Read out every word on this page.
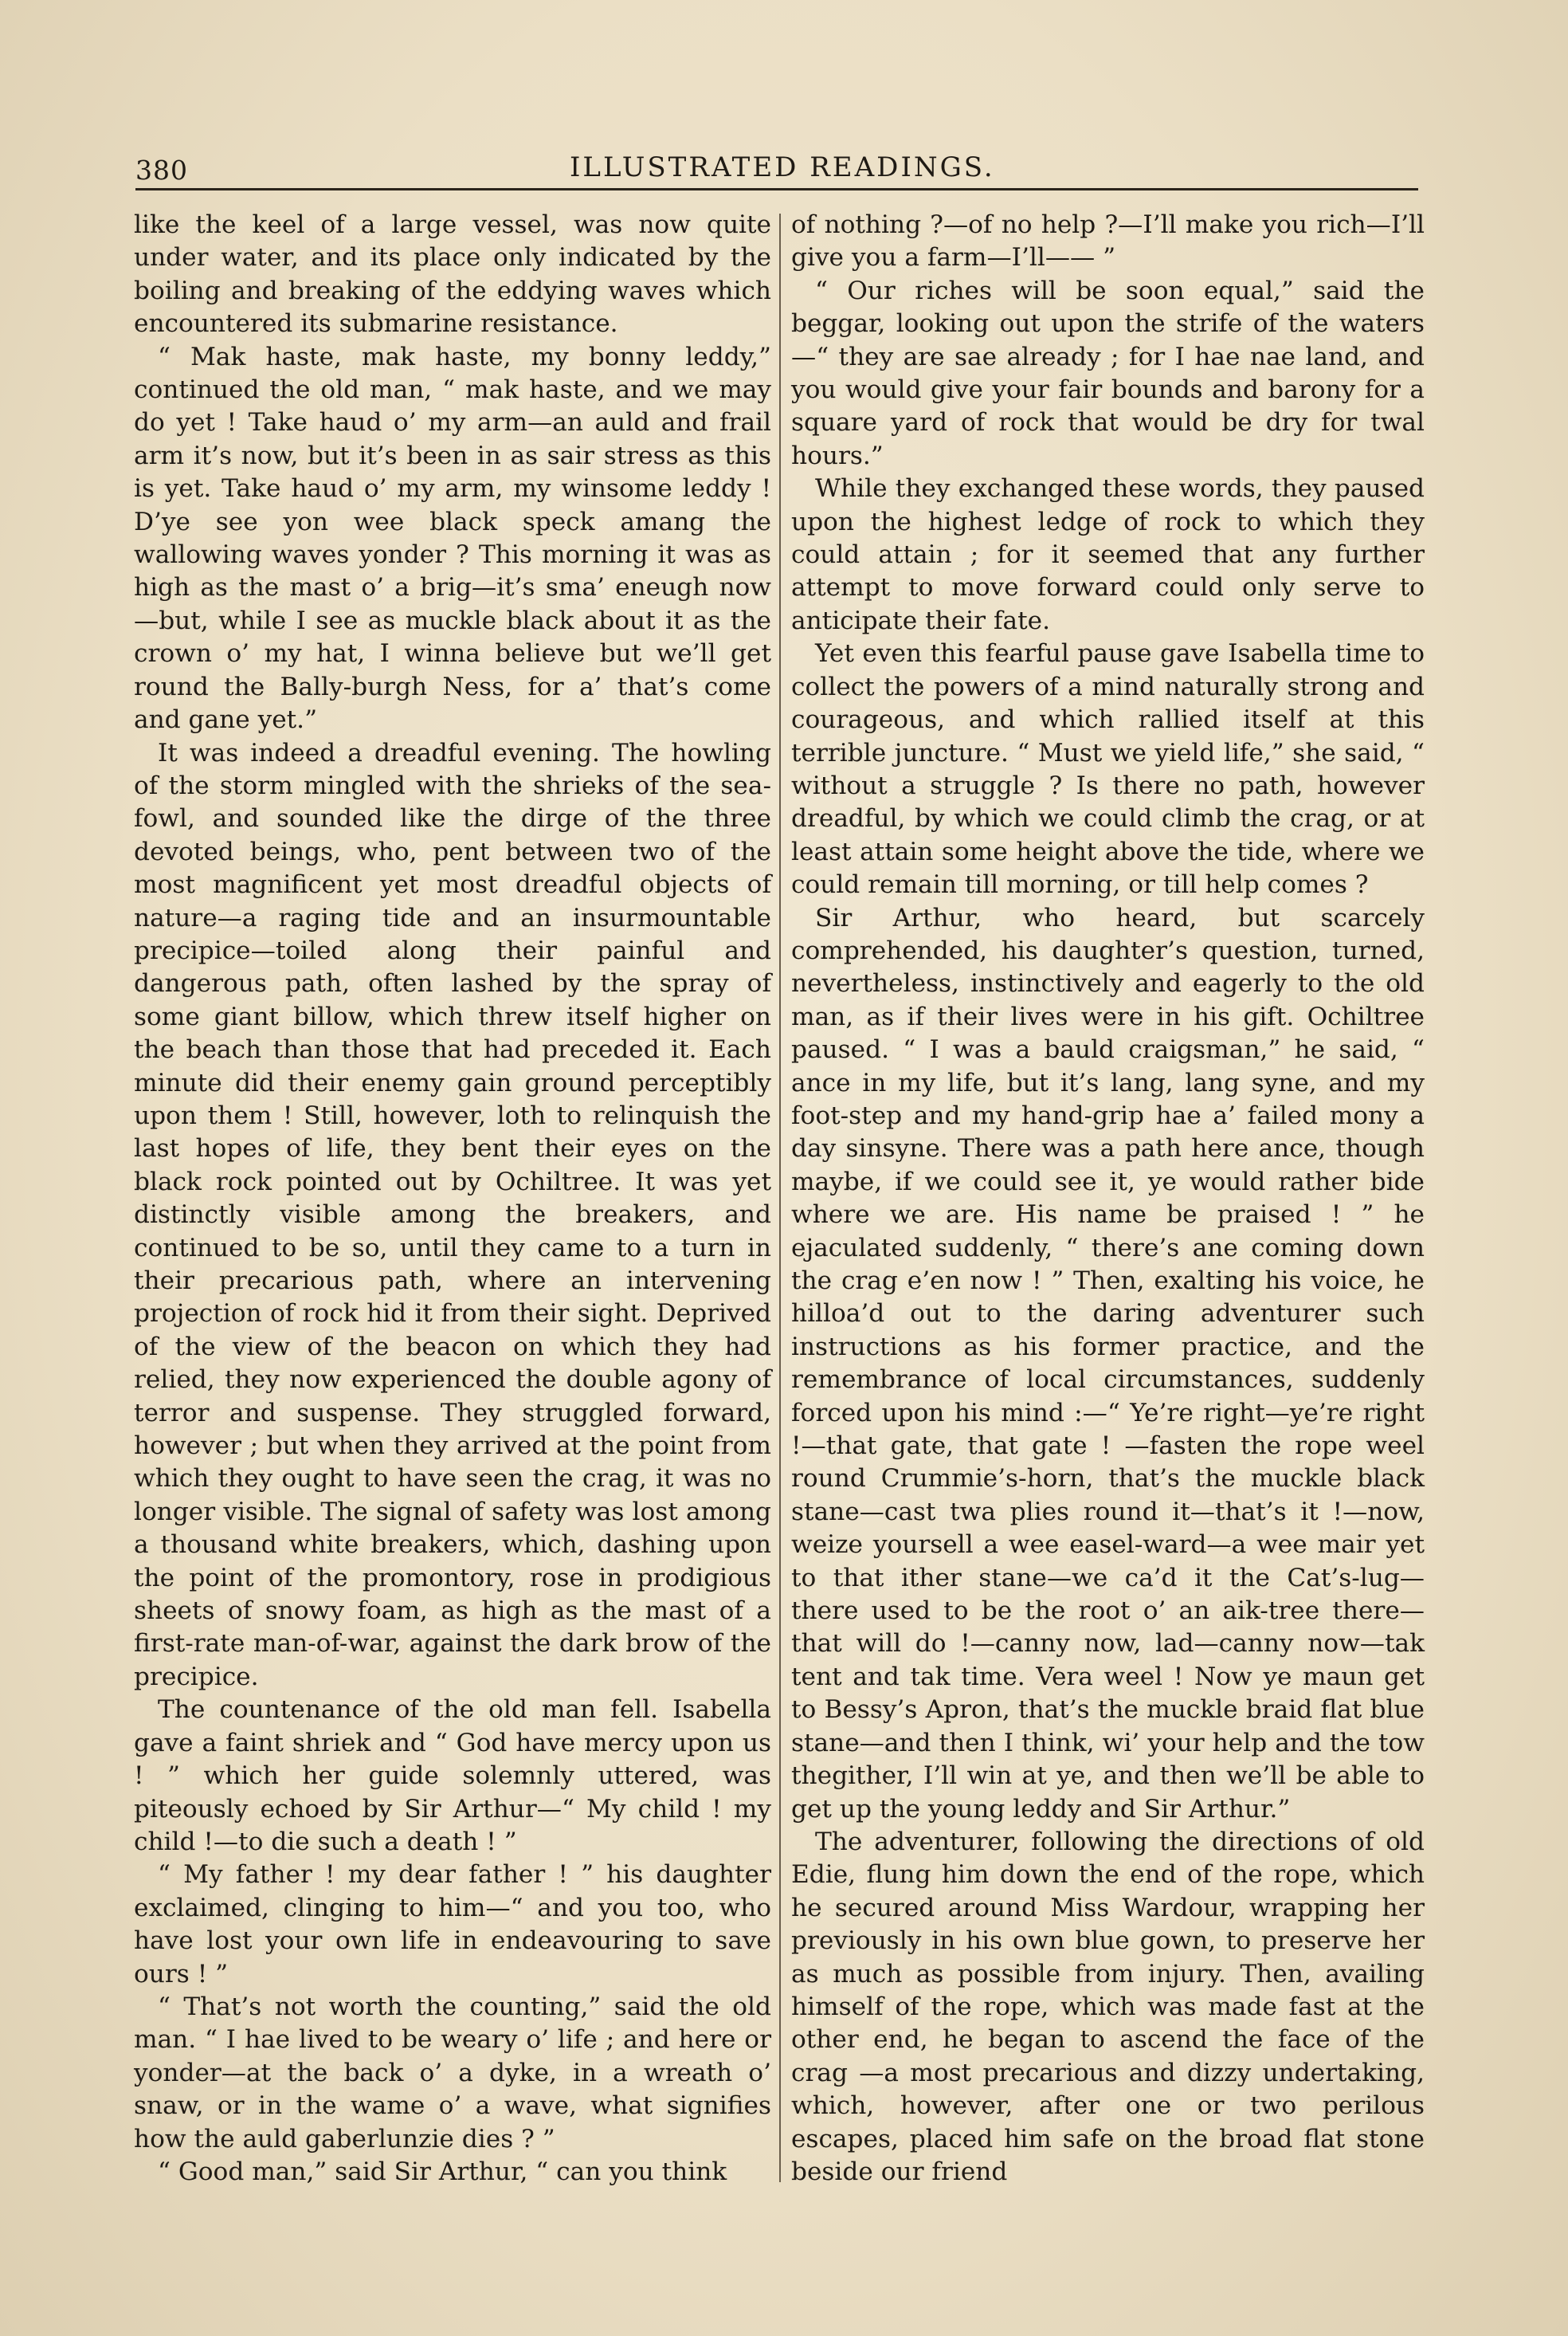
380	ILLUSTRATED READINGS.

like the keel of a large vessel, was now quite under water, and its place only indicated by the boiling and breaking of the eddying waves which encountered its submarine resistance.

“ Mak haste, mak haste, my bonny leddy,” continued the old man, “ mak haste, and we may do yet ! Take haud o’ my arm—an auld and frail arm it’s now, but it’s been in as sair stress as this is yet. Take haud o’ my arm, my winsome leddy ! D’ye see yon wee black speck amang the wallowing waves yonder ? This morning it was as high as the mast o’ a brig—it’s sma’ eneugh now—but, while I see as muckle black about it as the crown o’ my hat, I winna believe but we’ll get round the Bally-burgh Ness, for a’ that’s come and gane yet.”

It was indeed a dreadful evening. The howling of the storm mingled with the shrieks of the sea-fowl, and sounded like the dirge of the three devoted beings, who, pent between two of the most magnificent yet most dreadful objects of nature—a raging tide and an insurmountable precipice—toiled along their painful and dangerous path, often lashed by the spray of some giant billow, which threw itself higher on the beach than those that had preceded it. Each minute did their enemy gain ground perceptibly upon them ! Still, however, loth to relinquish the last hopes of life, they bent their eyes on the black rock pointed out by Ochiltree. It was yet distinctly visible among the breakers, and continued to be so, until they came to a turn in their precarious path, where an intervening projection of rock hid it from their sight. Deprived of the view of the beacon on which they had relied, they now experienced the double agony of terror and suspense. They struggled forward, however ; but when they arrived at the point from which they ought to have seen the crag, it was no longer visible. The signal of safety was lost among a thousand white breakers, which, dashing upon the point of the promontory, rose in prodigious sheets of snowy foam, as high as the mast of a first-rate man-of-war, against the dark brow of the precipice.

The countenance of the old man fell. Isabella gave a faint shriek and “ God have mercy upon us ! ” which her guide solemnly uttered, was piteously echoed by Sir Arthur—“ My child ! my child !—to die such a death ! ”

“ My father ! my dear father ! ” his daughter exclaimed, clinging to him—“ and you too, who have lost your own life in endeavouring to save ours ! ”

“ That’s not worth the counting,” said the old man. “ I hae lived to be weary o’ life ; and here or yonder—at the back o’ a dyke, in a wreath o’ snaw, or in the wame o’ a wave, what signifies how the auld gaberlunzie dies ? ”

“ Good man,” said Sir Arthur, “ can you think

of nothing ?—of no help ?—I’ll make you rich—I’ll give you a farm—I’ll—— ”

“ Our riches will be soon equal,” said the beggar, looking out upon the strife of the waters—“ they are sae already ; for I hae nae land, and you would give your fair bounds and barony for a square yard of rock that would be dry for twal hours.”

While they exchanged these words, they paused upon the highest ledge of rock to which they could attain ; for it seemed that any further attempt to move forward could only serve to anticipate their fate.

Yet even this fearful pause gave Isabella time to collect the powers of a mind naturally strong and courageous, and which rallied itself at this terrible juncture. “ Must we yield life,” she said, “ without a struggle ? Is there no path, however dreadful, by which we could climb the crag, or at least attain some height above the tide, where we could remain till morning, or till help comes ?

Sir Arthur, who heard, but scarcely comprehended, his daughter’s question, turned, nevertheless, instinctively and eagerly to the old man, as if their lives were in his gift. Ochiltree paused. “ I was a bauld craigsman,” he said, “ ance in my life, but it’s lang, lang syne, and my foot-step and my hand-grip hae a’ failed mony a day sinsyne. There was a path here ance, though maybe, if we could see it, ye would rather bide where we are. His name be praised ! ” he ejaculated suddenly, “ there’s ane coming down the crag e’en now ! ” Then, exalting his voice, he hilloa’d out to the daring adventurer such instructions as his former practice, and the remembrance of local circumstances, suddenly forced upon his mind :—“ Ye’re right—ye’re right !—that gate, that gate ! —fasten the rope weel round Crummie’s-horn, that’s the muckle black stane—cast twa plies round it—that’s it !—now, weize yoursell a wee easel-ward—a wee mair yet to that ither stane—we ca’d it the Cat’s-lug—there used to be the root o’ an aik-tree there—that will do !—canny now, lad—canny now—tak tent and tak time. Vera weel ! Now ye maun get to Bessy’s Apron, that’s the muckle braid flat blue stane—and then I think, wi’ your help and the tow thegither, I’ll win at ye, and then we’ll be able to get up the young leddy and Sir Arthur.”

The adventurer, following the directions of old Edie, flung him down the end of the rope, which he secured around Miss Wardour, wrapping her previously in his own blue gown, to preserve her as much as possible from injury. Then, availing himself of the rope, which was made fast at the other end, he began to ascend the face of the crag —a most precarious and dizzy undertaking, which, however, after one or two perilous escapes, placed him safe on the broad flat stone beside our friend
